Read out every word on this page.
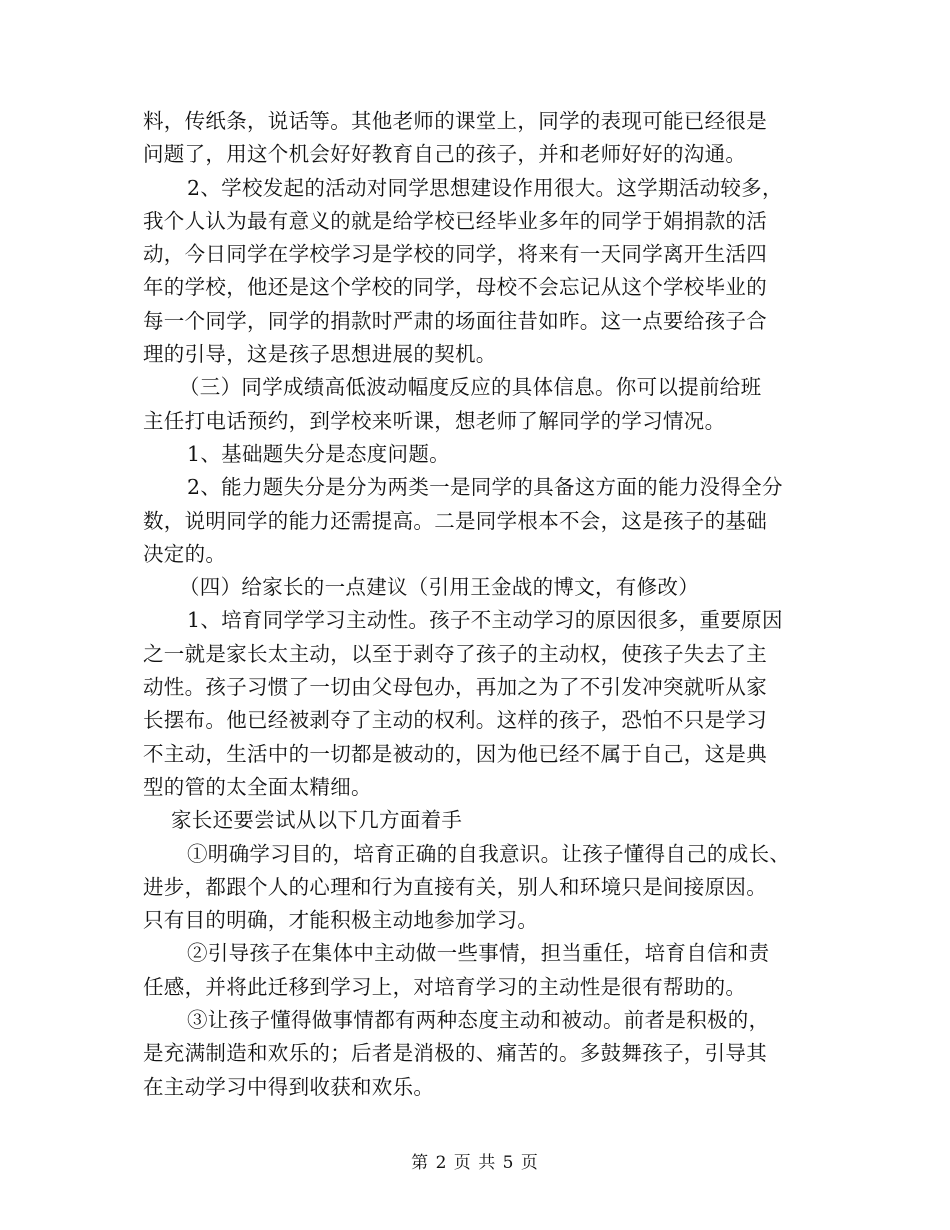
料，传纸条，说话等。其他老师的课堂上，同学的表现可能已经很是
问题了，用这个机会好好教育自己的孩子，并和老师好好的沟通。
2、学校发起的活动对同学思想建设作用很大。这学期活动较多，
我个人认为最有意义的就是给学校已经毕业多年的同学于娟捐款的活
动，今日同学在学校学习是学校的同学，将来有一天同学离开生活四
年的学校，他还是这个学校的同学，母校不会忘记从这个学校毕业的
每一个同学，同学的捐款时严肃的场面往昔如昨。这一点要给孩子合
理的引导，这是孩子思想进展的契机。
（三）同学成绩高低波动幅度反应的具体信息。你可以提前给班
主任打电话预约，到学校来听课，想老师了解同学的学习情况。
1、基础题失分是态度问题。
2、能力题失分是分为两类一是同学的具备这方面的能力没得全分
数，说明同学的能力还需提高。二是同学根本不会，这是孩子的基础
决定的。
（四）给家长的一点建议（引用王金战的博文，有修改）
1、培育同学学习主动性。孩子不主动学习的原因很多，重要原因
之一就是家长太主动，以至于剥夺了孩子的主动权，使孩子失去了主
动性。孩子习惯了一切由父母包办，再加之为了不引发冲突就听从家
长摆布。他已经被剥夺了主动的权利。这样的孩子，恐怕不只是学习
不主动，生活中的一切都是被动的，因为他已经不属于自己，这是典
型的管的太全面太精细。
家长还要尝试从以下几方面着手
①明确学习目的，培育正确的自我意识。让孩子懂得自己的成长、
进步，都跟个人的心理和行为直接有关，别人和环境只是间接原因。
只有目的明确，才能积极主动地参加学习。
②引导孩子在集体中主动做一些事情，担当重任，培育自信和责
任感，并将此迁移到学习上，对培育学习的主动性是很有帮助的。
③让孩子懂得做事情都有两种态度主动和被动。前者是积极的，
是充满制造和欢乐的；后者是消极的、痛苦的。多鼓舞孩子，引导其
在主动学习中得到收获和欢乐。
第 2 页 共 5 页
